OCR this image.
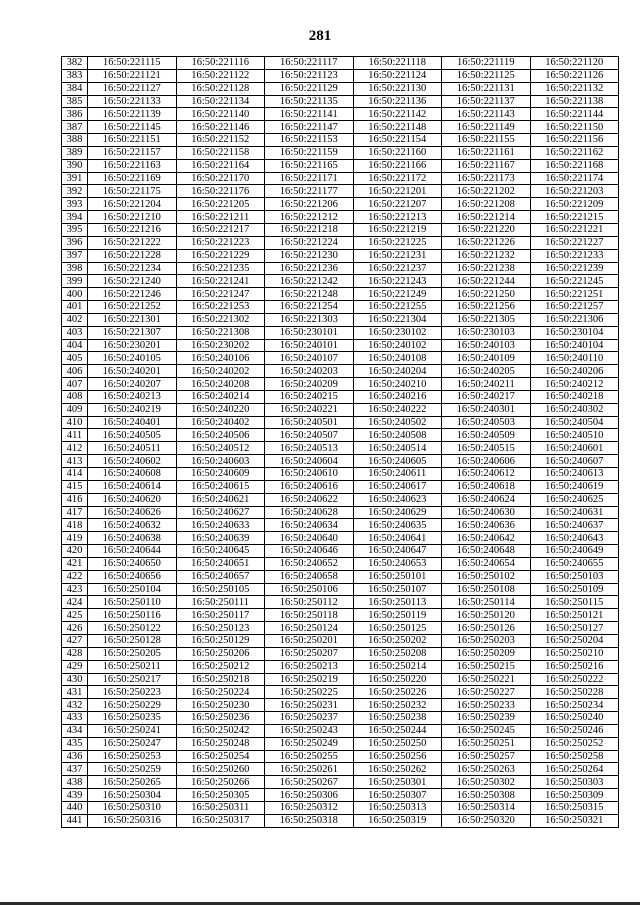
281
382	16:50:221115	16:50:221116	16:50:221117	16:50:221118	16:50:221119	16:50:221120
383	16:50:221121	16:50:221122	16:50:221123	16:50:221124	16:50:221125	16:50:221126
384	16:50:221127	16:50:221128	16:50:221129	16:50:221130	16:50:221131	16:50:221132
385	16:50:221133	16:50:221134	16:50:221135	16:50:221136	16:50:221137	16:50:221138
386	16:50:221139	16:50:221140	16:50:221141	16:50:221142	16:50:221143	16:50:221144
387	16:50:221145	16:50:221146	16:50:221147	16:50:221148	16:50:221149	16:50:221150
388	16:50:221151	16:50:221152	16:50:221153	16:50:221154	16:50:221155	16:50:221156
389	16:50:221157	16:50:221158	16:50:221159	16:50:221160	16:50:221161	16:50:221162
390	16:50:221163	16:50:221164	16:50:221165	16:50:221166	16:50:221167	16:50:221168
391	16:50:221169	16:50:221170	16:50:221171	16:50:221172	16:50:221173	16:50:221174
392	16:50:221175	16:50:221176	16:50:221177	16:50:221201	16:50:221202	16:50:221203
393	16:50:221204	16:50:221205	16:50:221206	16:50:221207	16:50:221208	16:50:221209
394	16:50:221210	16:50:221211	16:50:221212	16:50:221213	16:50:221214	16:50:221215
395	16:50:221216	16:50:221217	16:50:221218	16:50:221219	16:50:221220	16:50:221221
396	16:50:221222	16:50:221223	16:50:221224	16:50:221225	16:50:221226	16:50:221227
397	16:50:221228	16:50:221229	16:50:221230	16:50:221231	16:50:221232	16:50:221233
398	16:50:221234	16:50:221235	16:50:221236	16:50:221237	16:50:221238	16:50:221239
399	16:50:221240	16:50:221241	16:50:221242	16:50:221243	16:50:221244	16:50:221245
400	16:50:221246	16:50:221247	16:50:221248	16:50:221249	16:50:221250	16:50:221251
401	16:50:221252	16:50:221253	16:50:221254	16:50:221255	16:50:221256	16:50:221257
402	16:50:221301	16:50:221302	16:50:221303	16:50:221304	16:50:221305	16:50:221306
403	16:50:221307	16:50:221308	16:50:230101	16:50:230102	16:50:230103	16:50:230104
404	16:50:230201	16:50:230202	16:50:240101	16:50:240102	16:50:240103	16:50:240104
405	16:50:240105	16:50:240106	16:50:240107	16:50:240108	16:50:240109	16:50:240110
406	16:50:240201	16:50:240202	16:50:240203	16:50:240204	16:50:240205	16:50:240206
407	16:50:240207	16:50:240208	16:50:240209	16:50:240210	16:50:240211	16:50:240212
408	16:50:240213	16:50:240214	16:50:240215	16:50:240216	16:50:240217	16:50:240218
409	16:50:240219	16:50:240220	16:50:240221	16:50:240222	16:50:240301	16:50:240302
410	16:50:240401	16:50:240402	16:50:240501	16:50:240502	16:50:240503	16:50:240504
411	16:50:240505	16:50:240506	16:50:240507	16:50:240508	16:50:240509	16:50:240510
412	16:50:240511	16:50:240512	16:50:240513	16:50:240514	16:50:240515	16:50:240601
413	16:50:240602	16:50:240603	16:50:240604	16:50:240605	16:50:240606	16:50:240607
414	16:50:240608	16:50:240609	16:50:240610	16:50:240611	16:50:240612	16:50:240613
415	16:50:240614	16:50:240615	16:50:240616	16:50:240617	16:50:240618	16:50:240619
416	16:50:240620	16:50:240621	16:50:240622	16:50:240623	16:50:240624	16:50:240625
417	16:50:240626	16:50:240627	16:50:240628	16:50:240629	16:50:240630	16:50:240631
418	16:50:240632	16:50:240633	16:50:240634	16:50:240635	16:50:240636	16:50:240637
419	16:50:240638	16:50:240639	16:50:240640	16:50:240641	16:50:240642	16:50:240643
420	16:50:240644	16:50:240645	16:50:240646	16:50:240647	16:50:240648	16:50:240649
421	16:50:240650	16:50:240651	16:50:240652	16:50:240653	16:50:240654	16:50:240655
422	16:50:240656	16:50:240657	16:50:240658	16:50:250101	16:50:250102	16:50:250103
423	16:50:250104	16:50:250105	16:50:250106	16:50:250107	16:50:250108	16:50:250109
424	16:50:250110	16:50:250111	16:50:250112	16:50:250113	16:50:250114	16:50:250115
425	16:50:250116	16:50:250117	16:50:250118	16:50:250119	16:50:250120	16:50:250121
426	16:50:250122	16:50:250123	16:50:250124	16:50:250125	16:50:250126	16:50:250127
427	16:50:250128	16:50:250129	16:50:250201	16:50:250202	16:50:250203	16:50:250204
428	16:50:250205	16:50:250206	16:50:250207	16:50:250208	16:50:250209	16:50:250210
429	16:50:250211	16:50:250212	16:50:250213	16:50:250214	16:50:250215	16:50:250216
430	16:50:250217	16:50:250218	16:50:250219	16:50:250220	16:50:250221	16:50:250222
431	16:50:250223	16:50:250224	16:50:250225	16:50:250226	16:50:250227	16:50:250228
432	16:50:250229	16:50:250230	16:50:250231	16:50:250232	16:50:250233	16:50:250234
433	16:50:250235	16:50:250236	16:50:250237	16:50:250238	16:50:250239	16:50:250240
434	16:50:250241	16:50:250242	16:50:250243	16:50:250244	16:50:250245	16:50:250246
435	16:50:250247	16:50:250248	16:50:250249	16:50:250250	16:50:250251	16:50:250252
436	16:50:250253	16:50:250254	16:50:250255	16:50:250256	16:50:250257	16:50:250258
437	16:50:250259	16:50:250260	16:50:250261	16:50:250262	16:50:250263	16:50:250264
438	16:50:250265	16:50:250266	16:50:250267	16:50:250301	16:50:250302	16:50:250303
439	16:50:250304	16:50:250305	16:50:250306	16:50:250307	16:50:250308	16:50:250309
440	16:50:250310	16:50:250311	16:50:250312	16:50:250313	16:50:250314	16:50:250315
441	16:50:250316	16:50:250317	16:50:250318	16:50:250319	16:50:250320	16:50:250321
